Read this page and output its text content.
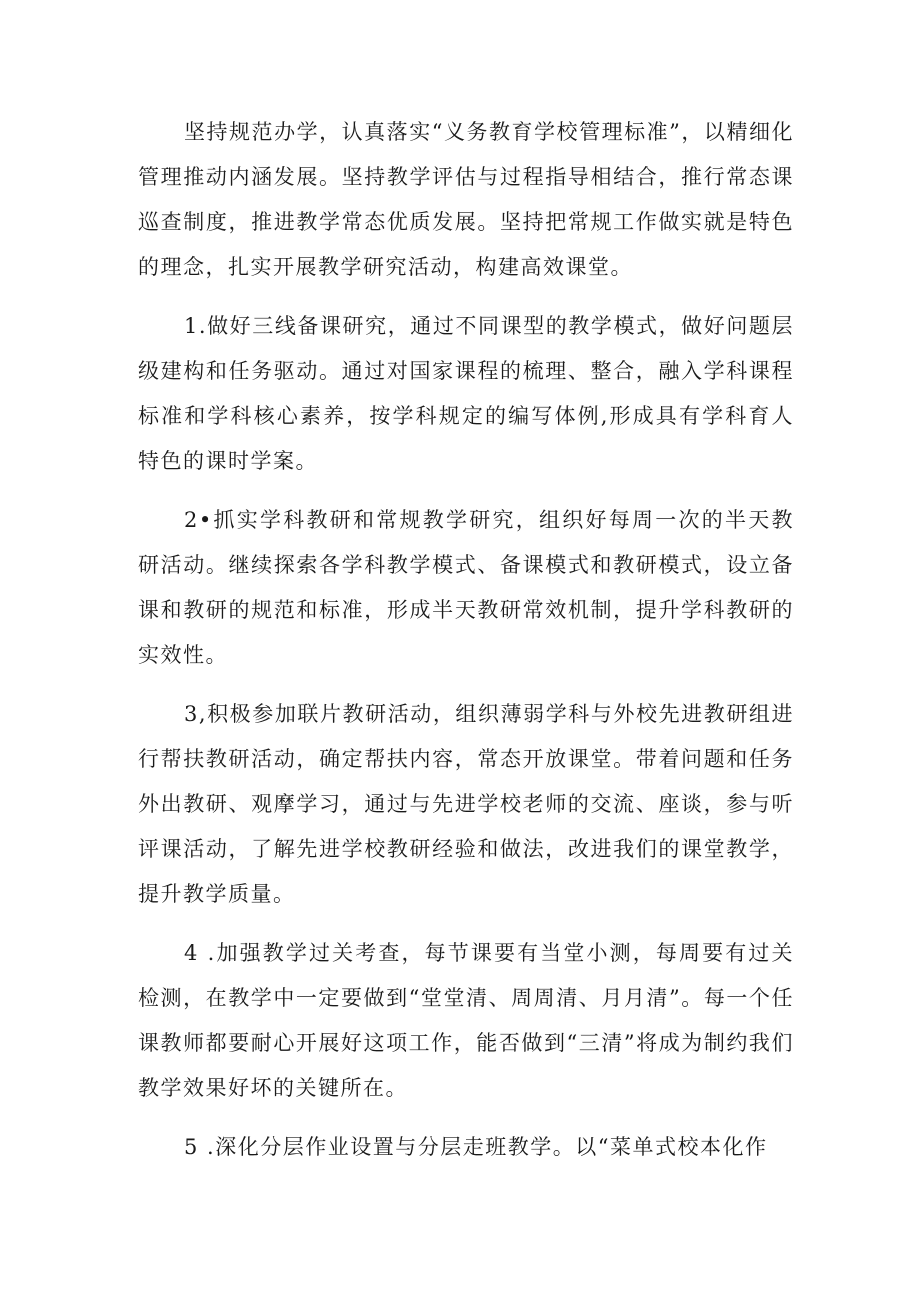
坚持规范办学，认真落实“义务教育学校管理标准”，以精细化管理推动内涵发展。坚持教学评估与过程指导相结合，推行常态课巡查制度，推进教学常态优质发展。坚持把常规工作做实就是特色的理念，扎实开展教学研究活动，构建高效课堂。

1.做好三线备课研究，通过不同课型的教学模式，做好问题层级建构和任务驱动。通过对国家课程的梳理、整合，融入学科课程标准和学科核心素养，按学科规定的编写体例,形成具有学科育人特色的课时学案。

2•抓实学科教研和常规教学研究，组织好每周一次的半天教研活动。继续探索各学科教学模式、备课模式和教研模式，设立备课和教研的规范和标准，形成半天教研常效机制，提升学科教研的实效性。

3,积极参加联片教研活动，组织薄弱学科与外校先进教研组进行帮扶教研活动，确定帮扶内容，常态开放课堂。带着问题和任务外出教研、观摩学习，通过与先进学校老师的交流、座谈，参与听评课活动，了解先进学校教研经验和做法，改进我们的课堂教学，提升教学质量。

4 .加强教学过关考查，每节课要有当堂小测，每周要有过关检测，在教学中一定要做到“堂堂清、周周清、月月清”。每一个任课教师都要耐心开展好这项工作，能否做到“三清”将成为制约我们教学效果好坏的关键所在。

5 .深化分层作业设置与分层走班教学。以“菜单式校本化作
